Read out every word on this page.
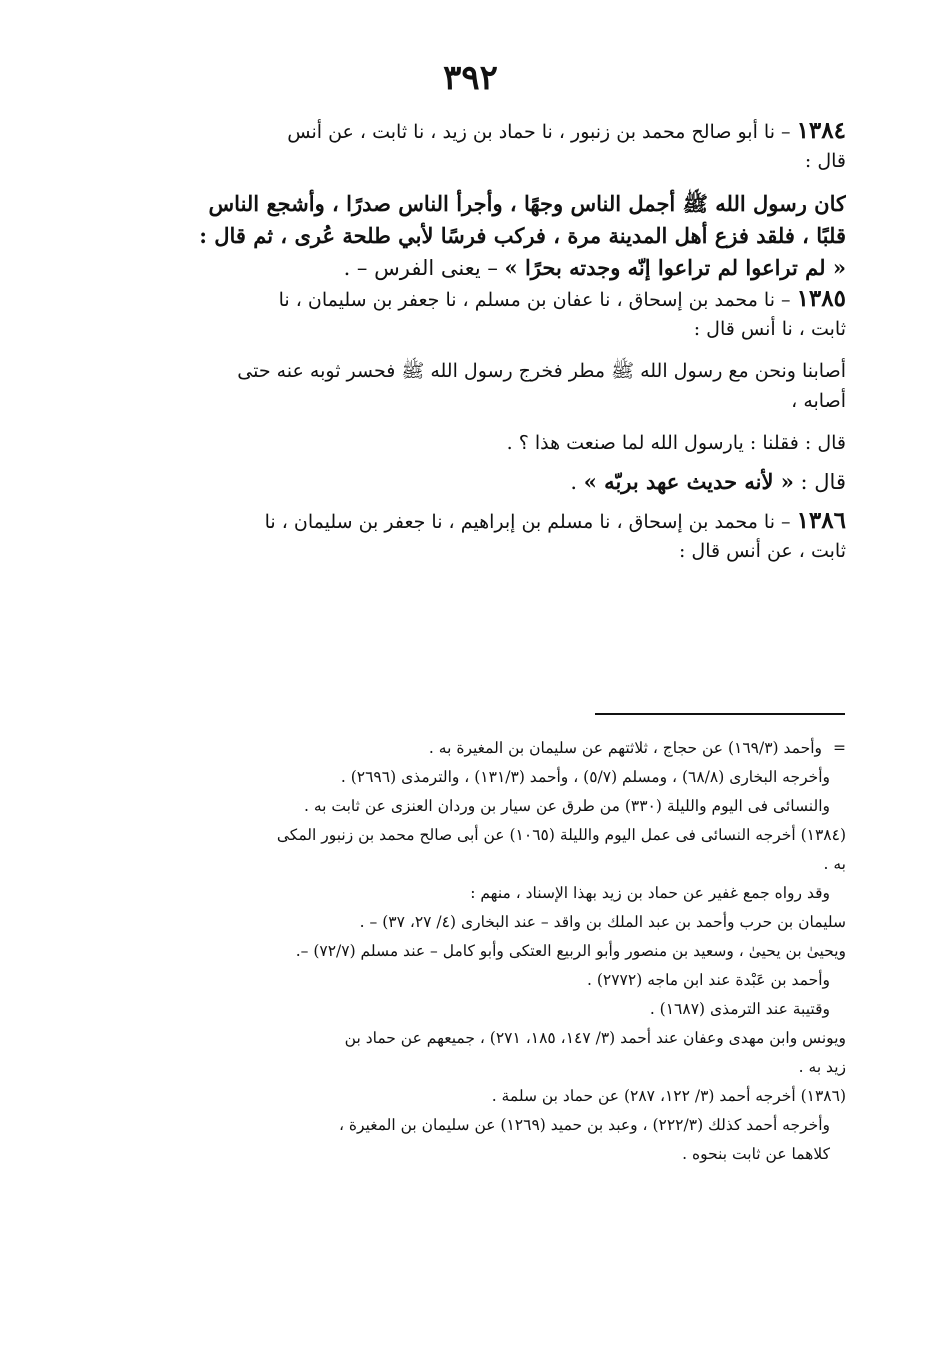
٣٩٢
١٣٨٤ – نا أبو صالح محمد بن زنبور ، نا حماد بن زيد ، نا ثابت ، عن أنس
قال :
كان رسول الله ﷺ أجمل الناس وجهًا ، وأجرأ الناس صدرًا ، وأشجع الناس
قلبًا ، فلقد فزع أهل المدينة مرة ، فركب فرسًا لأبي طلحة عُرى ، ثم قال :
« لم تراعوا لم تراعوا إنّه وجدته بحرًا » – يعنى الفرس – .
١٣٨٥ – نا محمد بن إسحاق ، نا عفان بن مسلم ، نا جعفر بن سليمان ، نا
ثابت ، نا أنس قال :
أصابنا ونحن مع رسول الله ﷺ مطر فخرج رسول الله ﷺ فحسر ثوبه عنه حتى
أصابه ،
قال : فقلنا : يارسول الله لما صنعت هذا ؟ .
قال : « لأنه حديث عهد بربّه » .
١٣٨٦ – نا محمد بن إسحاق ، نا مسلم بن إبراهيم ، نا جعفر بن سليمان ، نا
ثابت ، عن أنس قال :
=وأحمد (١٦٩/٣) عن حجاج ، ثلاثتهم عن سليمان بن المغيرة به .
وأخرجه البخارى (٦٨/٨) ، ومسلم (٥/٧) ، وأحمد (١٣١/٣) ، والترمذى (٢٦٩٦) .
والنسائى فى اليوم والليلة (٣٣٠) من طرق عن سيار بن وردان العنزى عن ثابت به .
(١٣٨٤) أخرجه النسائى فى عمل اليوم والليلة (١٠٦٥) عن أبى صالح محمد بن زنبور المكى
به .
وقد رواه جمع غفير عن حماد بن زيد بهذا الإسناد ، منهم :
سليمان بن حرب وأحمد بن عبد الملك بن واقد – عند البخارى (٤/ ٢٧، ٣٧) – .
ويحيىٰ بن يحيىٰ ، وسعيد بن منصور وأبو الربيع العتكى وأبو كامل – عند مسلم (٧٢/٧) –.
وأحمد بن عَبْدة عند ابن ماجه (٢٧٧٢) .
وقتيبة عند الترمذى (١٦٨٧) .
ويونس وابن مهدى وعفان عند أحمد (٣/ ١٤٧، ١٨٥، ٢٧١) ، جميعهم عن حماد بن
زيد به .
(١٣٨٦) أخرجه أحمد (٣/ ١٢٢، ٢٨٧) عن حماد بن سلمة .
وأخرجه أحمد كذلك (٢٢٢/٣) ، وعبد بن حميد (١٢٦٩) عن سليمان بن المغيرة ،
كلاهما عن ثابت بنحوه .
